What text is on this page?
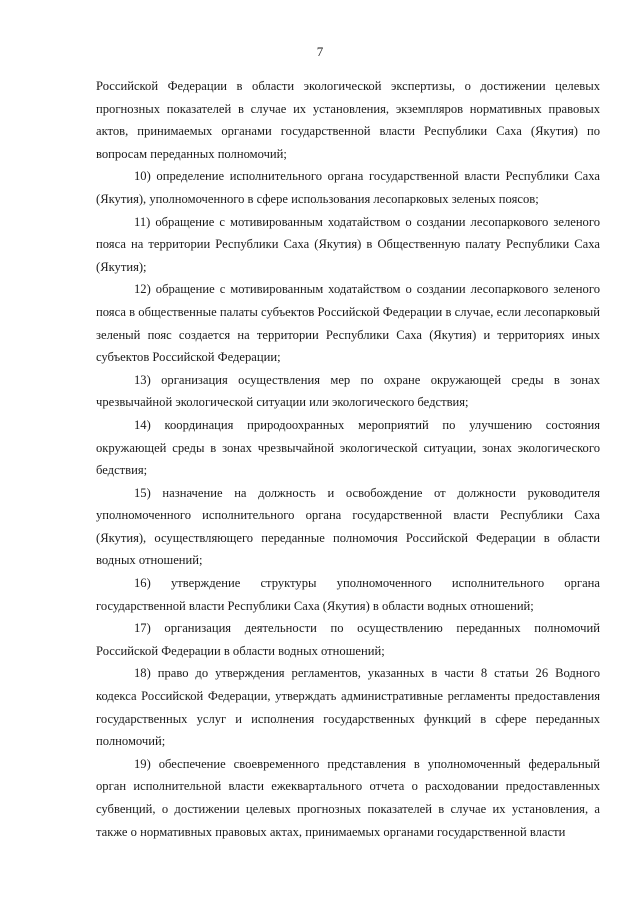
7

Российской Федерации в области экологической экспертизы, о достижении целевых прогнозных показателей в случае их установления, экземпляров нормативных правовых актов, принимаемых органами государственной власти Республики Саха (Якутия) по вопросам переданных полномочий;

10) определение исполнительного органа государственной власти Республики Саха (Якутия), уполномоченного в сфере использования лесопарковых зеленых поясов;

11) обращение с мотивированным ходатайством о создании лесопаркового зеленого пояса на территории Республики Саха (Якутия) в Общественную палату Республики Саха (Якутия);

12) обращение с мотивированным ходатайством о создании лесопаркового зеленого пояса в общественные палаты субъектов Российской Федерации в случае, если лесопарковый зеленый пояс создается на территории Республики Саха (Якутия) и территориях иных субъектов Российской Федерации;

13) организация осуществления мер по охране окружающей среды в зонах чрезвычайной экологической ситуации или экологического бедствия;

14) координация природоохранных мероприятий по улучшению состояния окружающей среды в зонах чрезвычайной экологической ситуации, зонах экологического бедствия;

15) назначение на должность и освобождение от должности руководителя уполномоченного исполнительного органа государственной власти Республики Саха (Якутия), осуществляющего переданные полномочия Российской Федерации в области водных отношений;

16) утверждение структуры уполномоченного исполнительного органа государственной власти Республики Саха (Якутия) в области водных отношений;

17) организация деятельности по осуществлению переданных полномочий Российской Федерации в области водных отношений;

18) право до утверждения регламентов, указанных в части 8 статьи 26 Водного кодекса Российской Федерации, утверждать административные регламенты предоставления государственных услуг и исполнения государственных функций в сфере переданных полномочий;

19) обеспечение своевременного представления в уполномоченный федеральный орган исполнительной власти ежеквартального отчета о расходовании предоставленных субвенций, о достижении целевых прогнозных показателей в случае их установления, а также о нормативных правовых актах, принимаемых органами государственной власти
